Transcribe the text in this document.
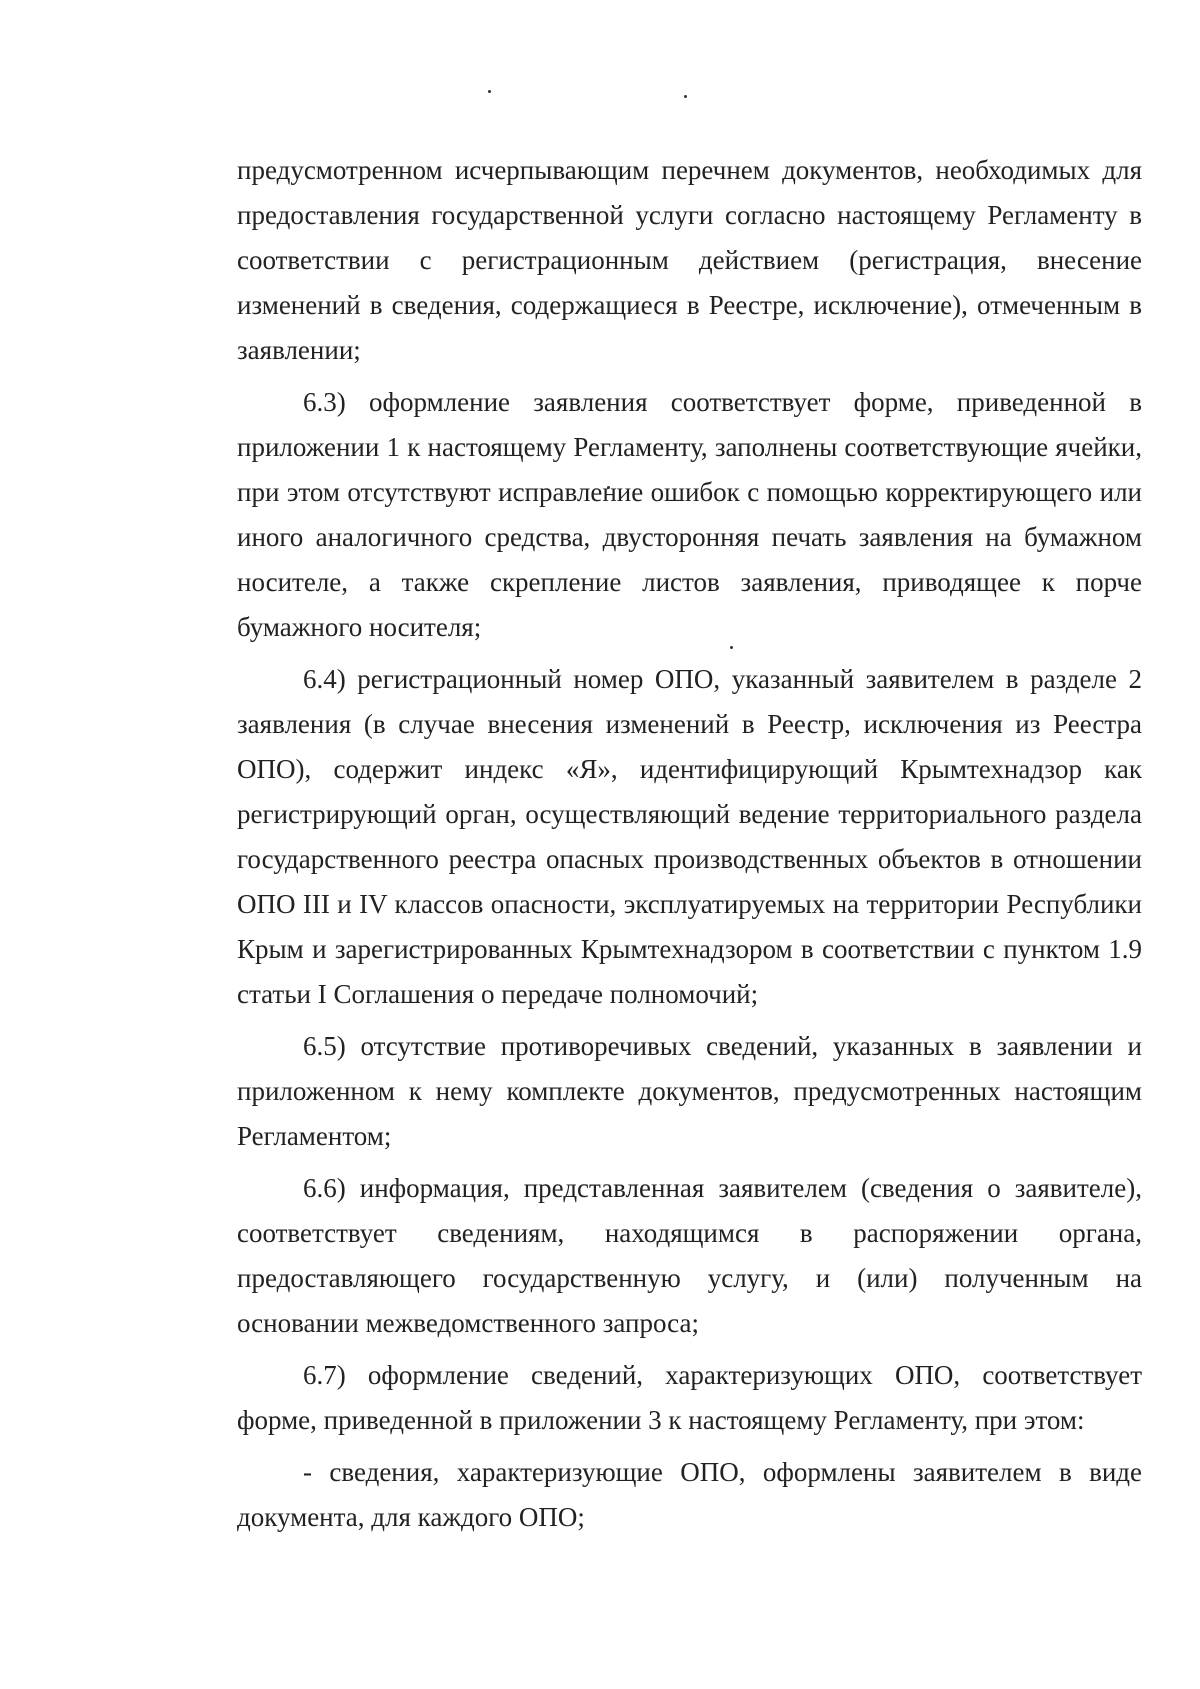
предусмотренном исчерпывающим перечнем документов, необходимых для предоставления государственной услуги согласно настоящему Регламенту в соответствии с регистрационным действием (регистрация, внесение изменений в сведения, содержащиеся в Реестре, исключение), отмеченным в заявлении;

6.3) оформление заявления соответствует форме, приведенной в приложении 1 к настоящему Регламенту, заполнены соответствующие ячейки, при этом отсутствуют исправление ошибок с помощью корректирующего или иного аналогичного средства, двусторонняя печать заявления на бумажном носителе, а также скрепление листов заявления, приводящее к порче бумажного носителя;

6.4) регистрационный номер ОПО, указанный заявителем в разделе 2 заявления (в случае внесения изменений в Реестр, исключения из Реестра ОПО), содержит индекс «Я», идентифицирующий Крымтехнадзор как регистрирующий орган, осуществляющий ведение территориального раздела государственного реестра опасных производственных объектов в отношении ОПО III и IV классов опасности, эксплуатируемых на территории Республики Крым и зарегистрированных Крымтехнадзором в соответствии с пунктом 1.9 статьи I Соглашения о передаче полномочий;

6.5) отсутствие противоречивых сведений, указанных в заявлении и приложенном к нему комплекте документов, предусмотренных настоящим Регламентом;

6.6) информация, представленная заявителем (сведения о заявителе), соответствует сведениям, находящимся в распоряжении органа, предоставляющего государственную услугу, и (или) полученным на основании межведомственного запроса;

6.7) оформление сведений, характеризующих ОПО, соответствует форме, приведенной в приложении 3 к настоящему Регламенту, при этом:

- сведения, характеризующие ОПО, оформлены заявителем в виде документа, для каждого ОПО;
